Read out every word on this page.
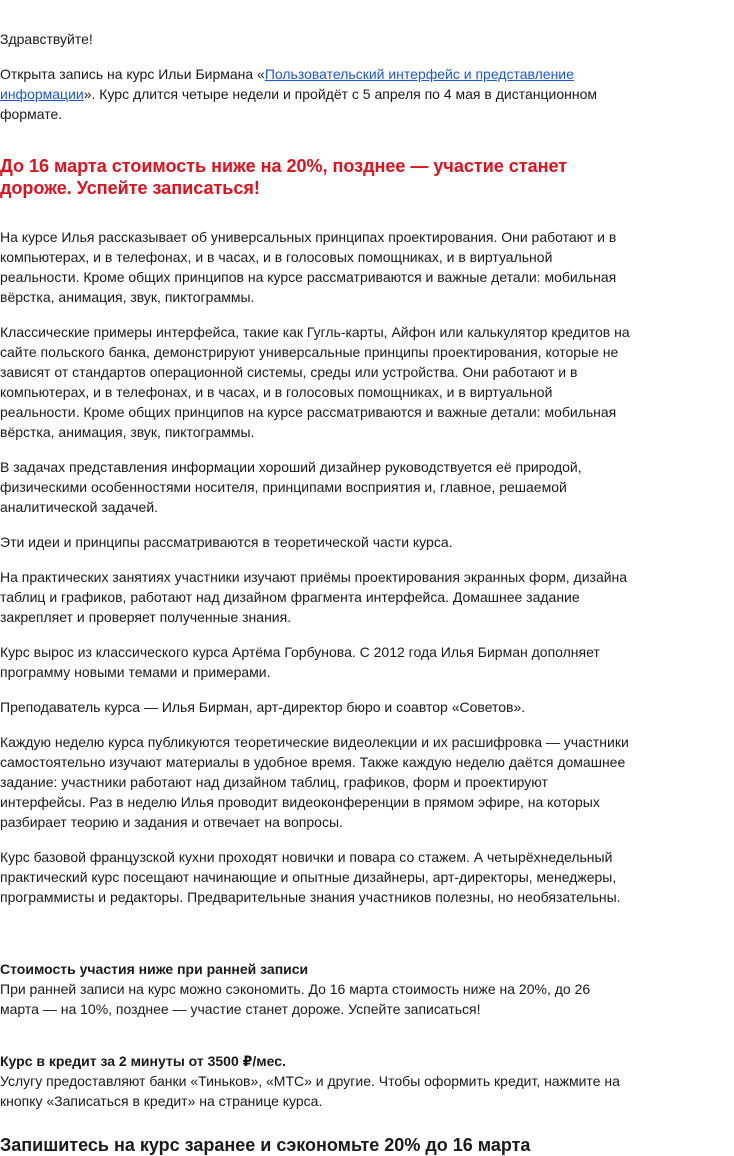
Здравствуйте!

Открыта запись на курс Ильи Бирмана «Пользовательский интерфейс и представление информации». Курс длится четыре недели и пройдёт с 5 апреля по 4 мая в дистанционном формате.

До 16 марта стоимость ниже на 20%, позднее — участие станет дороже. Успейте записаться!

На курсе Илья рассказывает об универсальных принципах проектирования. Они работают и в компьютерах, и в телефонах, и в часах, и в голосовых помощниках, и в виртуальной реальности. Кроме общих принципов на курсе рассматриваются и важные детали: мобильная вёрстка, анимация, звук, пиктограммы.

Классические примеры интерфейса, такие как Гугль-карты, Айфон или калькулятор кредитов на сайте польского банка, демонстрируют универсальные принципы проектирования, которые не зависят от стандартов операционной системы, среды или устройства. Они работают и в компьютерах, и в телефонах, и в часах, и в голосовых помощниках, и в виртуальной реальности. Кроме общих принципов на курсе рассматриваются и важные детали: мобильная вёрстка, анимация, звук, пиктограммы.

В задачах представления информации хороший дизайнер руководствуется её природой, физическими особенностями носителя, принципами восприятия и, главное, решаемой аналитической задачей.

Эти идеи и принципы рассматриваются в теоретической части курса.

На практических занятиях участники изучают приёмы проектирования экранных форм, дизайна таблиц и графиков, работают над дизайном фрагмента интерфейса. Домашнее задание закрепляет и проверяет полученные знания.

Курс вырос из классического курса Артёма Горбунова. С 2012 года Илья Бирман дополняет программу новыми темами и примерами.

Преподаватель курса — Илья Бирман, арт-директор бюро и соавтор «Советов».

Каждую неделю курса публикуются теоретические видеолекции и их расшифровка — участники самостоятельно изучают материалы в удобное время. Также каждую неделю даётся домашнее задание: участники работают над дизайном таблиц, графиков, форм и проектируют интерфейсы. Раз в неделю Илья проводит видеоконференции в прямом эфире, на которых разбирает теорию и задания и отвечает на вопросы.

Курс базовой французской кухни проходят новички и повара со стажем. А четырёхнедельный практический курс посещают начинающие и опытные дизайнеры, арт-директоры, менеджеры, программисты и редакторы. Предварительные знания участников полезны, но необязательны.

Стоимость участия ниже при ранней записи
При ранней записи на курс можно сэкономить. До 16 марта стоимость ниже на 20%, до 26 марта — на 10%, позднее — участие станет дороже. Успейте записаться!
Курс в кредит за 2 минуты от 3500 ₽/мес.
Услугу предоставляют банки «Тиньков», «МТС» и другие. Чтобы оформить кредит, нажмите на кнопку «Записаться в кредит» на странице курса.
Запишитесь на курс заранее и сэкономьте 20% до 16 марта
